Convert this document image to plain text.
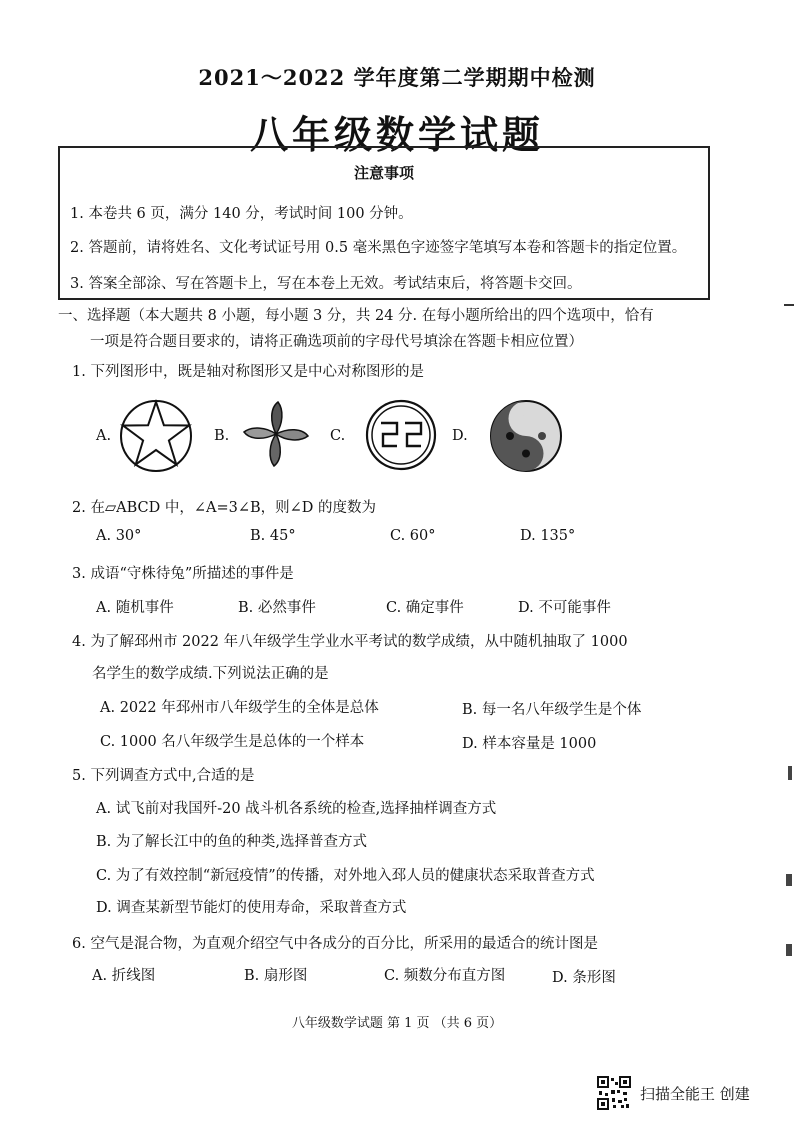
2021～2022 学年度第二学期期中检测
八年级数学试题
注意事项
1. 本卷共 6 页，满分 140 分，考试时间 100 分钟。
2. 答题前，请将姓名、文化考试证号用 0.5 毫米黑色字迹签字笔填写本卷和答题卡的指定位置。
3. 答案全部涂、写在答题卡上，写在本卷上无效。考试结束后，将答题卡交回。
一、选择题（本大题共 8 小题，每小题 3 分，共 24 分. 在每小题所给出的四个选项中，恰有
一项是符合题目要求的，请将正确选项前的字母代号填涂在答题卡相应位置）
1. 下列图形中，既是轴对称图形又是中心对称图形的是
A.	B.	C.	D.
2. 在▱ABCD 中，∠A=3∠B，则∠D 的度数为
A. 30°	B. 45°	C. 60°	D. 135°
3. 成语“守株待兔”所描述的事件是
A. 随机事件	B. 必然事件	C. 确定事件	D. 不可能事件
4. 为了解邳州市 2022 年八年级学生学业水平考试的数学成绩，从中随机抽取了 1000
名学生的数学成绩.下列说法正确的是
A. 2022 年邳州市八年级学生的全体是总体	B. 每一名八年级学生是个体
C. 1000 名八年级学生是总体的一个样本	D. 样本容量是 1000
5. 下列调查方式中,合适的是
A. 试飞前对我国歼-20 战斗机各系统的检查,选择抽样调查方式
B. 为了解长江中的鱼的种类,选择普查方式
C. 为了有效控制“新冠疫情”的传播，对外地入邳人员的健康状态采取普查方式
D. 调查某新型节能灯的使用寿命，采取普查方式
6. 空气是混合物，为直观介绍空气中各成分的百分比，所采用的最适合的统计图是
A. 折线图	B. 扇形图	C. 频数分布直方图	D. 条形图
八年级数学试题 第 1 页 （共 6 页）
扫描全能王 创建
